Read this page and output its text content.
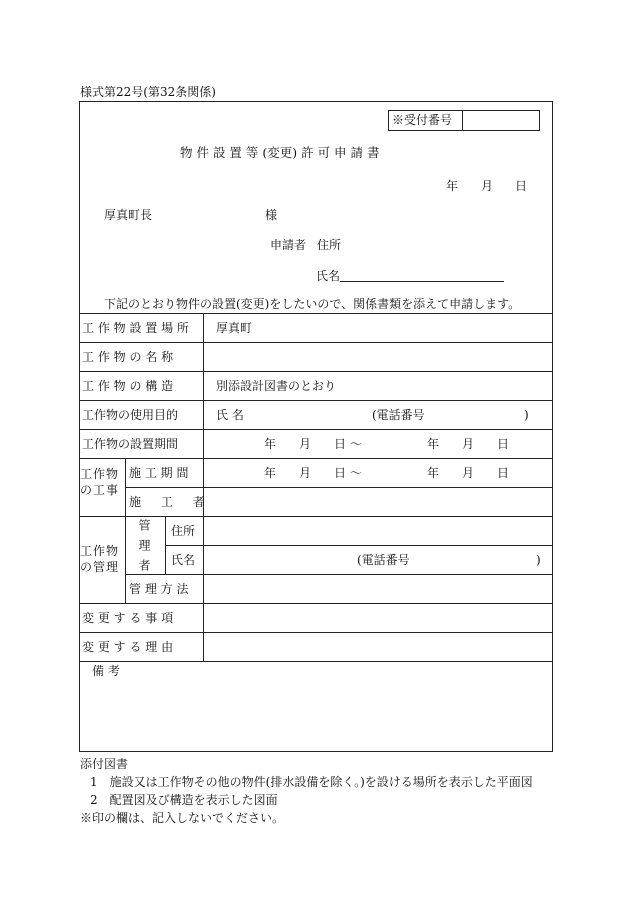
様式第22号(第32条関係)
※受付番号
物 件 設 置 等 (変更) 許 可 申 請 書
年 月 日
厚真町長	様
申請者 住所
氏名
下記のとおり物件の設置(変更)をしたいので、関係書類を添えて申請します。
工 作 物 設 置 場 所 厚真町
工 作 物 の 名 称
工 作 物 の 構 造	別添設計図書のとおり
工作物の使用目的	氏 名	(電話番号	)
工作物の設置期間	年 月 日 〜	年 月 日
工作物の工事
施 工 期 間	年 月 日 〜	年 月 日
施 工 者
工作物の管理	管理者 住所
氏名	(電話番号	)
管 理 方 法
変 更 す る 事 項
変 更 す る 理 由
備 考
添付図書
1　施設又は工作物その他の物件(排水設備を除く。)を設ける場所を表示した平面図
2　配置図及び構造を表示した図面
※印の欄は、記入しないでください。
